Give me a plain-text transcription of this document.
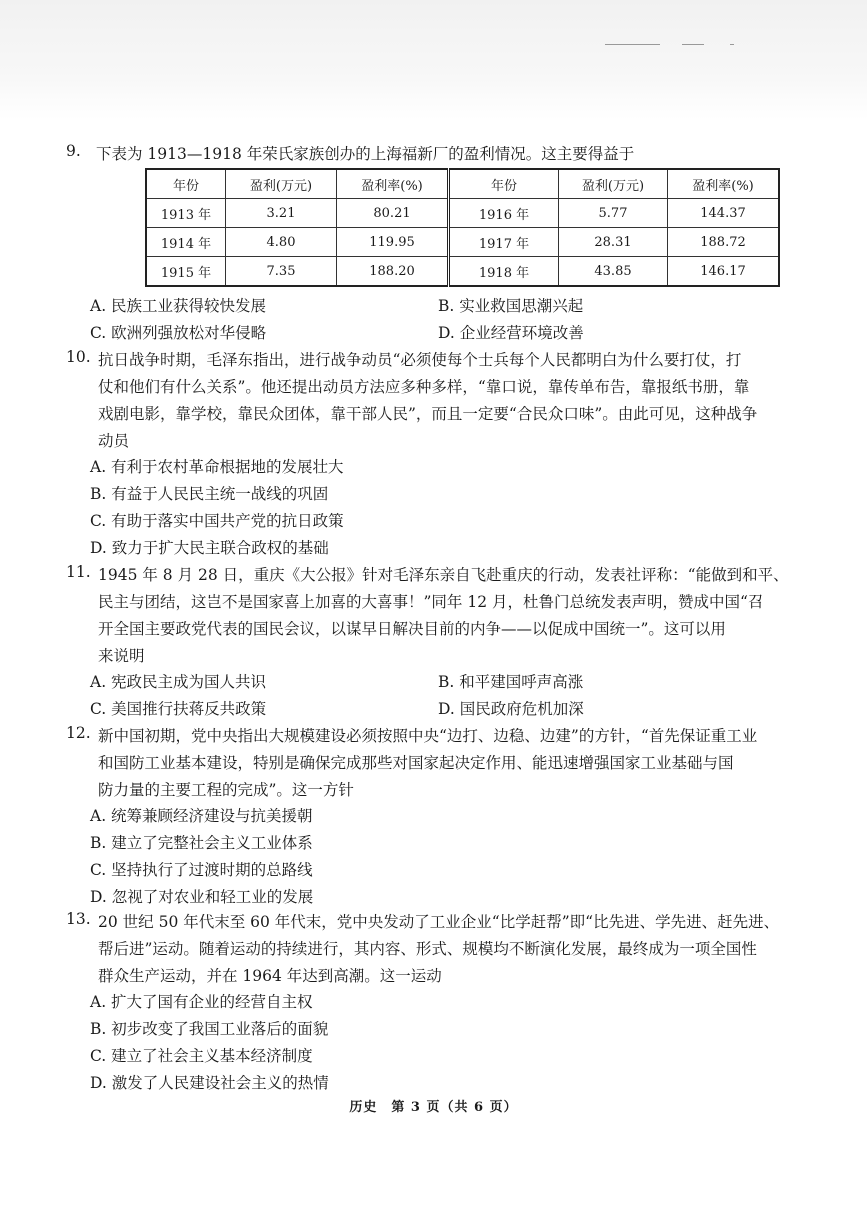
9. 下表为 1913—1918 年荣氏家族创办的上海福新厂的盈利情况。这主要得益于
年份	盈利(万元)	盈利率(%)	年份	盈利(万元)	盈利率(%)
1913 年	3.21	80.21	1916 年	5.77	144.37
1914 年	4.80	119.95	1917 年	28.31	188.72
1915 年	7.35	188.20	1918 年	43.85	146.17
A. 民族工业获得较快发展	B. 实业救国思潮兴起
C. 欧洲列强放松对华侵略	D. 企业经营环境改善
10. 抗日战争时期，毛泽东指出，进行战争动员“必须使每个士兵每个人民都明白为什么要打仗，打
仗和他们有什么关系”。他还提出动员方法应多种多样，“靠口说，靠传单布告，靠报纸书册，靠
戏剧电影，靠学校，靠民众团体，靠干部人民”，而且一定要“合民众口味”。由此可见，这种战争
动员
A. 有利于农村革命根据地的发展壮大
B. 有益于人民民主统一战线的巩固
C. 有助于落实中国共产党的抗日政策
D. 致力于扩大民主联合政权的基础
11. 1945 年 8 月 28 日，重庆《大公报》针对毛泽东亲自飞赴重庆的行动，发表社评称：“能做到和平、
民主与团结，这岂不是国家喜上加喜的大喜事！”同年 12 月，杜鲁门总统发表声明，赞成中国“召
开全国主要政党代表的国民会议，以谋早日解决目前的内争——以促成中国统一”。这可以用
来说明
A. 宪政民主成为国人共识	B. 和平建国呼声高涨
C. 美国推行扶蒋反共政策	D. 国民政府危机加深
12. 新中国初期，党中央指出大规模建设必须按照中央“边打、边稳、边建”的方针，“首先保证重工业
和国防工业基本建设，特别是确保完成那些对国家起决定作用、能迅速增强国家工业基础与国
防力量的主要工程的完成”。这一方针
A. 统筹兼顾经济建设与抗美援朝
B. 建立了完整社会主义工业体系
C. 坚持执行了过渡时期的总路线
D. 忽视了对农业和轻工业的发展
13. 20 世纪 50 年代末至 60 年代末，党中央发动了工业企业“比学赶帮”即“比先进、学先进、赶先进、
帮后进”运动。随着运动的持续进行，其内容、形式、规模均不断演化发展，最终成为一项全国性
群众生产运动，并在 1964 年达到高潮。这一运动
A. 扩大了国有企业的经营自主权
B. 初步改变了我国工业落后的面貌
C. 建立了社会主义基本经济制度
D. 激发了人民建设社会主义的热情
历史　第 3 页（共 6 页）
